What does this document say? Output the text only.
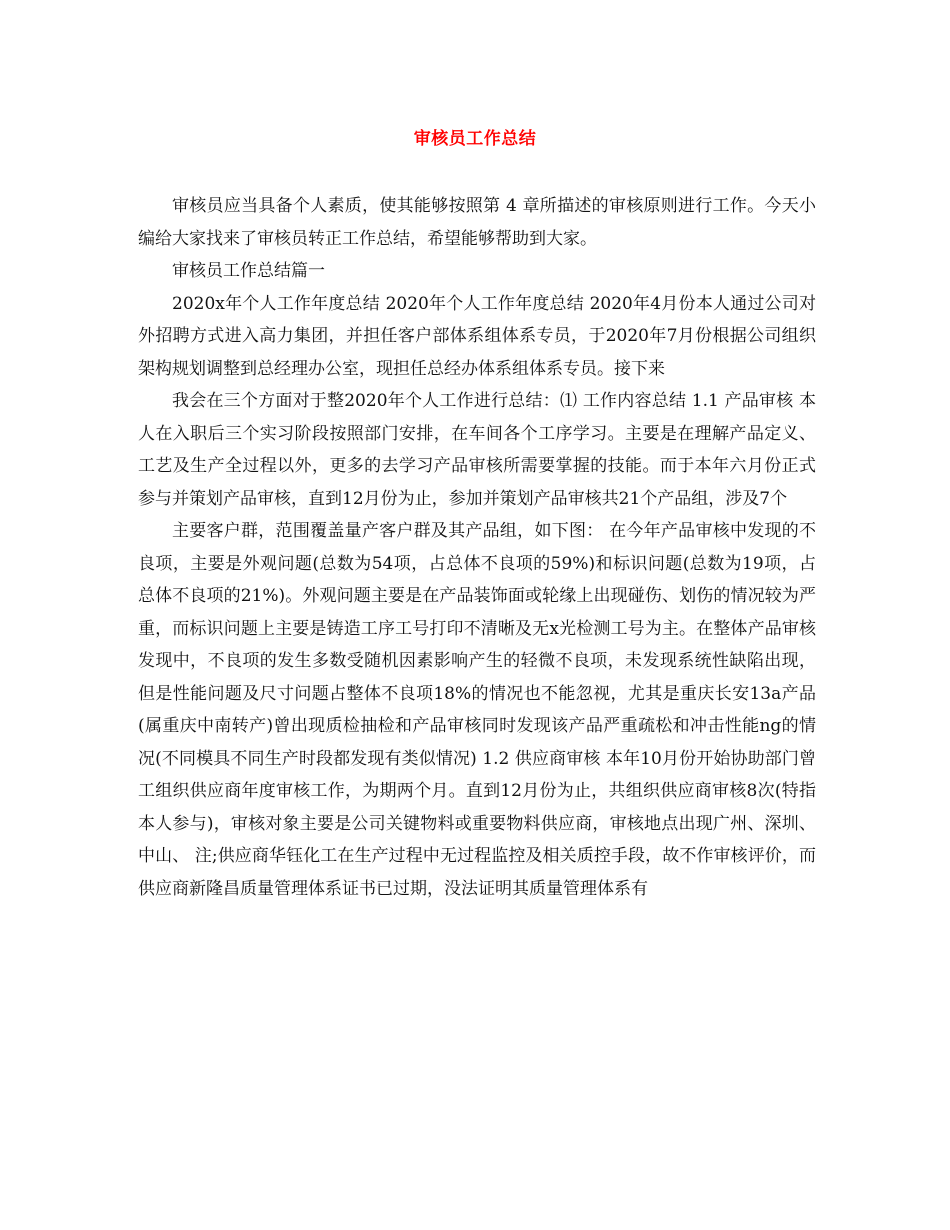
审核员工作总结

审核员应当具备个人素质，使其能够按照第 4 章所描述的审核原则进行工作。今天小编给大家找来了审核员转正工作总结，希望能够帮助到大家。

审核员工作总结篇一

2020x年个人工作年度总结 2020年个人工作年度总结 2020年4月份本人通过公司对外招聘方式进入高力集团，并担任客户部体系组体系专员，于2020年7月份根据公司组织架构规划调整到总经理办公室，现担任总经办体系组体系专员。接下来

我会在三个方面对于整2020年个人工作进行总结：⑴ 工作内容总结 1.1 产品审核 本人在入职后三个实习阶段按照部门安排，在车间各个工序学习。主要是在理解产品定义、工艺及生产全过程以外，更多的去学习产品审核所需要掌握的技能。而于本年六月份正式参与并策划产品审核，直到12月份为止，参加并策划产品审核共21个产品组，涉及7个

主要客户群，范围覆盖量产客户群及其产品组，如下图： 在今年产品审核中发现的不良项，主要是外观问题(总数为54项，占总体不良项的59%)和标识问题(总数为19项，占总体不良项的21%)。外观问题主要是在产品装饰面或轮缘上出现碰伤、划伤的情况较为严重，而标识问题上主要是铸造工序工号打印不清晰及无x光检测工号为主。在整体产品审核发现中，不良项的发生多数受随机因素影响产生的轻微不良项，未发现系统性缺陷出现，但是性能问题及尺寸问题占整体不良项18%的情况也不能忽视，尤其是重庆长安13a产品(属重庆中南转产)曾出现质检抽检和产品审核同时发现该产品严重疏松和冲击性能ng的情况(不同模具不同生产时段都发现有类似情况) 1.2 供应商审核 本年10月份开始协助部门曾工组织供应商年度审核工作，为期两个月。直到12月份为止，共组织供应商审核8次(特指本人参与)，审核对象主要是公司关键物料或重要物料供应商，审核地点出现广州、深圳、中山、 注;供应商华钰化工在生产过程中无过程监控及相关质控手段，故不作审核评价，而供应商新隆昌质量管理体系证书已过期，没法证明其质量管理体系有
